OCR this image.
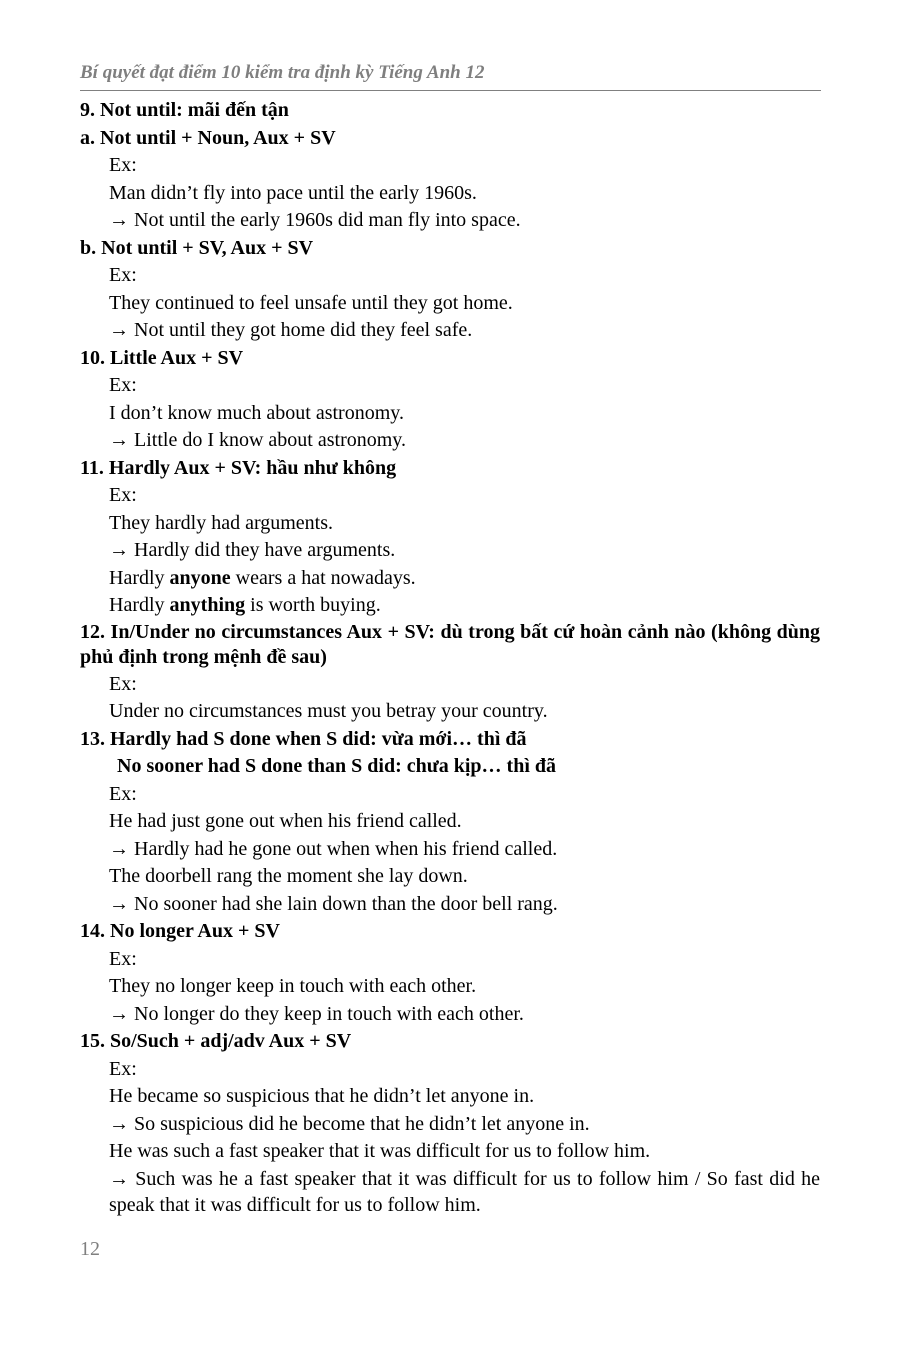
Bí quyết đạt điểm 10 kiểm tra định kỳ Tiếng Anh 12
9. Not until: mãi đến tận
a. Not until + Noun, Aux + SV
Ex:
Man didn’t fly into pace until the early 1960s.
→ Not until the early 1960s did man fly into space.
b. Not until + SV, Aux + SV
Ex:
They continued to feel unsafe until they got home.
→ Not until they got home did they feel safe.
10. Little Aux + SV
Ex:
I don’t know much about astronomy.
→ Little do I know about astronomy.
11. Hardly Aux + SV: hầu như không
Ex:
They hardly had arguments.
→ Hardly did they have arguments.
Hardly anyone wears a hat nowadays.
Hardly anything is worth buying.
12. In/Under no circumstances Aux + SV: dù trong bất cứ hoàn cảnh nào (không dùng phủ định trong mệnh đề sau)
Ex:
Under no circumstances must you betray your country.
13. Hardly had S done when S did: vừa mới… thì đã
No sooner had S done than S did: chưa kịp… thì đã
Ex:
He had just gone out when his friend called.
→ Hardly had he gone out when when his friend called.
The doorbell rang the moment she lay down.
→ No sooner had she lain down than the door bell rang.
14. No longer Aux + SV
Ex:
They no longer keep in touch with each other.
→ No longer do they keep in touch with each other.
15. So/Such + adj/adv Aux + SV
Ex:
He became so suspicious that he didn’t let anyone in.
→ So suspicious did he become that he didn’t let anyone in.
He was such a fast speaker that it was difficult for us to follow him.
→ Such was he a fast speaker that it was difficult for us to follow him / So fast did he speak that it was difficult for us to follow him.
12
